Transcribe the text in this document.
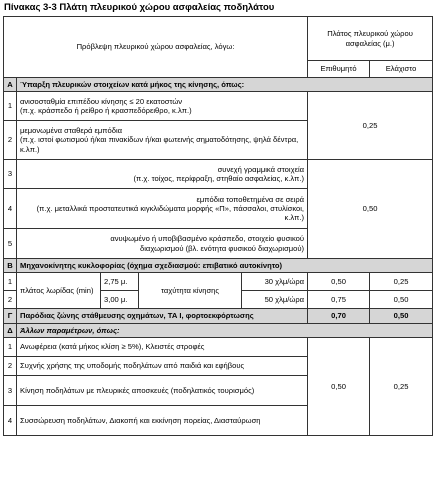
Πίνακας 3-3 Πλάτη πλευρικού χώρου ασφαλείας ποδηλάτου
Πρόβλεψη πλευρικού χώρου ασφαλείας, λόγω:					Πλάτος πλευρικού χώρου ασφαλείας (μ.)	
					Επιθυμητό	Ελάχιστο
Α	Ύπαρξη πλευρικών στοιχείων κατά μήκος της κίνησης, όπως:					
1	ανισοσταθμία επιπέδου κίνησης ≤ 20 εκατοστών
(π.χ. κράσπεδο ή ρείθρο ή κρασπεδόρειθρο, κ.λπ.)				0,25	
2	μεμονωμένα σταθερά εμπόδια
(π.χ. ιστοί φωτισμού ή/και πινακίδων ή/και φωτεινής σηματοδότησης, ψηλά δέντρα, κ.λπ.)					

3	συνεχή γραμμικά στοιχεία
(π.χ. τοίχος, περίφραξη, στηθαίο ασφαλείας, κ.λπ.)				0,50	
4	εμπόδια τοποθετημένα σε σειρά
(π.χ. μεταλλικά προστατευτικά κιγκλιδώματα μορφής «Π», πάσσαλοι, στυλίσκοι, κ.λπ.)					

5	ανυψωμένο ή υποβιβασμένο κράσπεδο, στοιχείο φυσικού
διαχωρισμού (βλ. ενότητα φυσικού διαχωρισμού)					

Β	Μηχανοκίνητης κυκλοφορίας (όχημα σχεδιασμού: επιβατικό αυτοκίνητο)					
1	πλάτος λωρίδας (min)	2,75 μ.	ταχύτητα κίνησης	30 χλμ/ώρα	0,50	0,25
2		3,00 μ.		50 χλμ/ώρα	0,75	0,50
Γ	Παρόδιας ζώνης στάθμευσης οχημάτων, ΤΑ Ι, φορτοεκφόρτωσης				0,70	0,50
Δ	Άλλων παραμέτρων, όπως:					
1	Ανωφέρεια (κατά μήκος κλίση ≥ 5%), Κλειστές στροφές				0,50	0,25
2	Συχνής χρήσης της υποδομής ποδηλάτων από παιδιά και εφήβους					
3	Κίνηση ποδηλάτων με πλευρικές αποσκευές (ποδηλατικός τουρισμός)					
4	Συσσώρευση ποδηλάτων, Διακοπή και εκκίνηση πορείας, Διασταύρωση					
